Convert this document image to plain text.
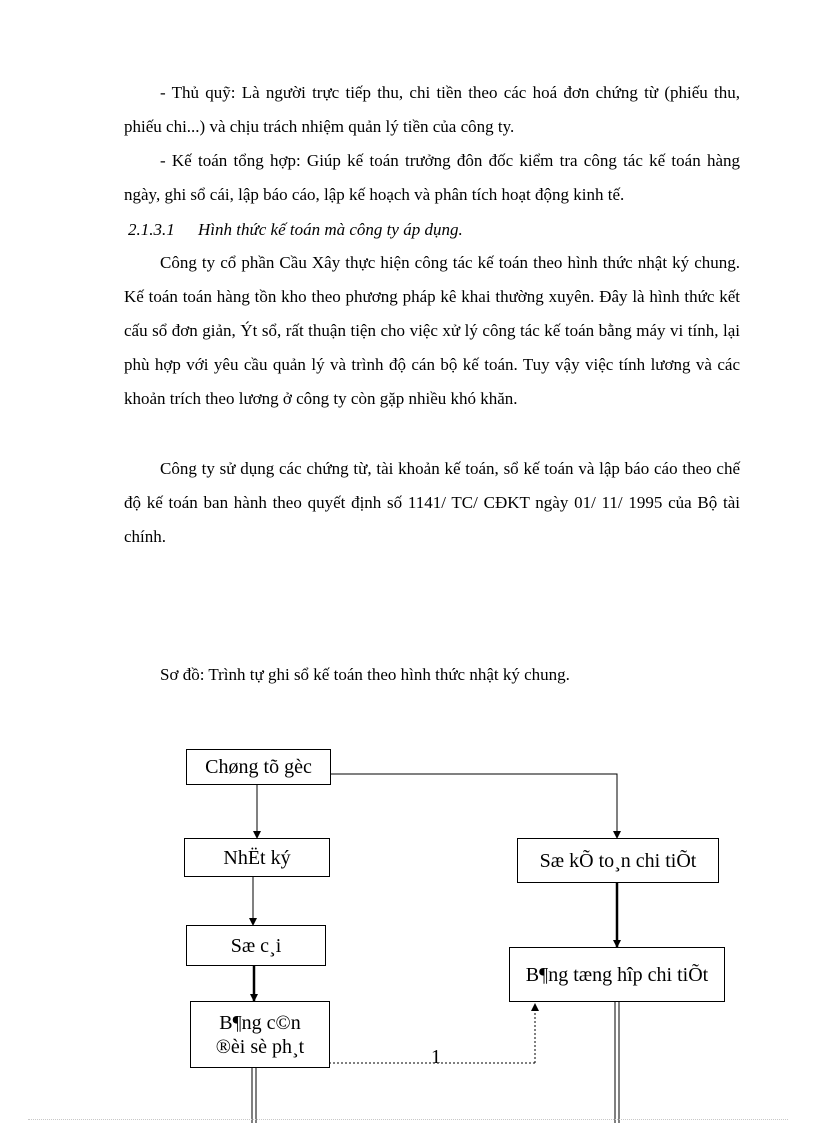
- Thủ quỹ: Là người trực tiếp thu, chi tiền theo các hoá đơn chứng từ (phiếu thu, phiếu chi...) và chịu trách nhiệm quản lý tiền của công ty.

- Kế toán tổng hợp: Giúp kế toán trưởng đôn đốc kiểm tra công tác kế toán hàng ngày, ghi sổ cái, lập báo cáo, lập kế hoạch và phân tích hoạt động kinh tế.

2.1.3.1 Hình thức kế toán mà công ty áp dụng.

Công ty cổ phần Cầu Xây thực hiện công tác kế toán theo hình thức nhật ký chung. Kế toán toán hàng tồn kho theo phương pháp kê khai thường xuyên. Đây là hình thức kết cấu sổ đơn giản, Ýt sổ, rất thuận tiện cho việc xử lý công tác kế toán bằng máy vi tính, lại phù hợp với yêu cầu quản lý và trình độ cán bộ kế toán. Tuy vậy việc tính lương và các khoản trích theo lương ở công ty còn gặp nhiều khó khăn.

Công ty sử dụng các chứng từ, tài khoản kế toán, sổ kế toán và lập báo cáo theo chế độ kế toán ban hành theo quyết định số 1141/ TC/ CĐKT ngày 01/ 11/ 1995 của Bộ tài chính.

Sơ đồ: Trình tự ghi sổ kế toán theo hình thức nhật ký chung.
Chøng tõ gèc
NhËt ký
Sæ c¸i
B¶ng c©n
®èi sè ph¸t
Sæ kÕ to¸n chi tiÕt
B¶ng tæng hîp chi tiÕt
1
